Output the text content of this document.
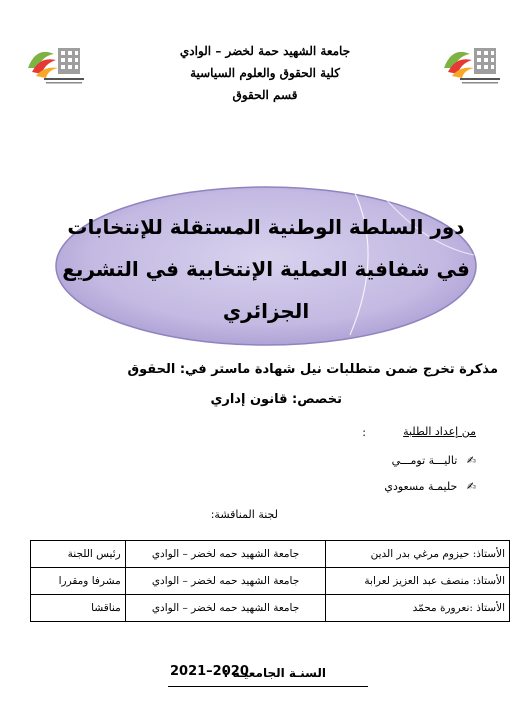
جامعة الشهيد حمة لخضر – الوادي
كلية الحقوق والعلوم السياسية
قسم الحقوق
دور السلطة الوطنية المستقلة للإنتخابات
في شفافية العملية الإنتخابية في التشريع
الجزائري
مذكرة تخرج ضمن متطلبات نيل شهادة ماستر في: الحقوق
تخصص: قانون إداري
من إعداد الطلبة
:
✍ تاليـــة تومـــي
✍ حليمـة مسعودي
لجنة المناقشة:
الأستاذ: حيزوم مرغي بدر الدين	جامعة الشهيد حمه لخضر – الوادي	رئيس اللجنة
الأستاذ: منصف عبد العزيز لعرابة	جامعة الشهيد حمه لخضر – الوادي	مشرفا ومقررا
الأستاذ :نعرورة محمّد	جامعة الشهيد حمه لخضر – الوادي	مناقشا
السنـة الجامعيـة :
2021–2020
